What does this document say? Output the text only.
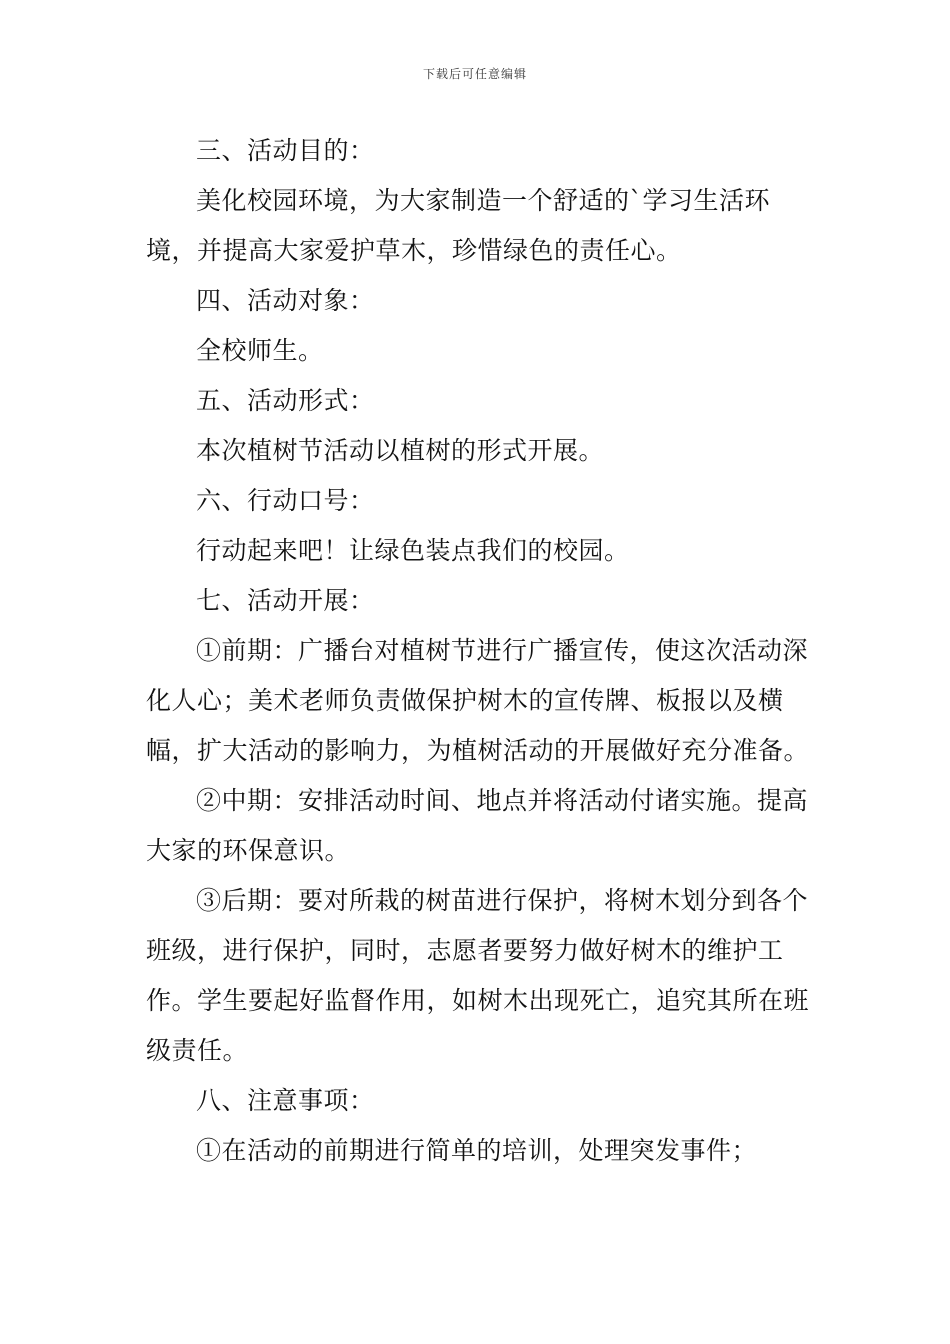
下载后可任意编辑

三、活动目的：

美化校园环境，为大家制造一个舒适的`学习生活环境，并提高大家爱护草木，珍惜绿色的责任心。

四、活动对象：

全校师生。

五、活动形式：

本次植树节活动以植树的形式开展。

六、行动口号：

行动起来吧！让绿色装点我们的校园。

七、活动开展：

①前期：广播台对植树节进行广播宣传，使这次活动深化人心；美术老师负责做保护树木的宣传牌、板报以及横幅，扩大活动的影响力，为植树活动的开展做好充分准备。

②中期：安排活动时间、地点并将活动付诸实施。提高大家的环保意识。

③后期：要对所栽的树苗进行保护，将树木划分到各个班级，进行保护，同时，志愿者要努力做好树木的维护工作。学生要起好监督作用，如树木出现死亡，追究其所在班级责任。

八、注意事项：

①在活动的前期进行简单的培训，处理突发事件；
